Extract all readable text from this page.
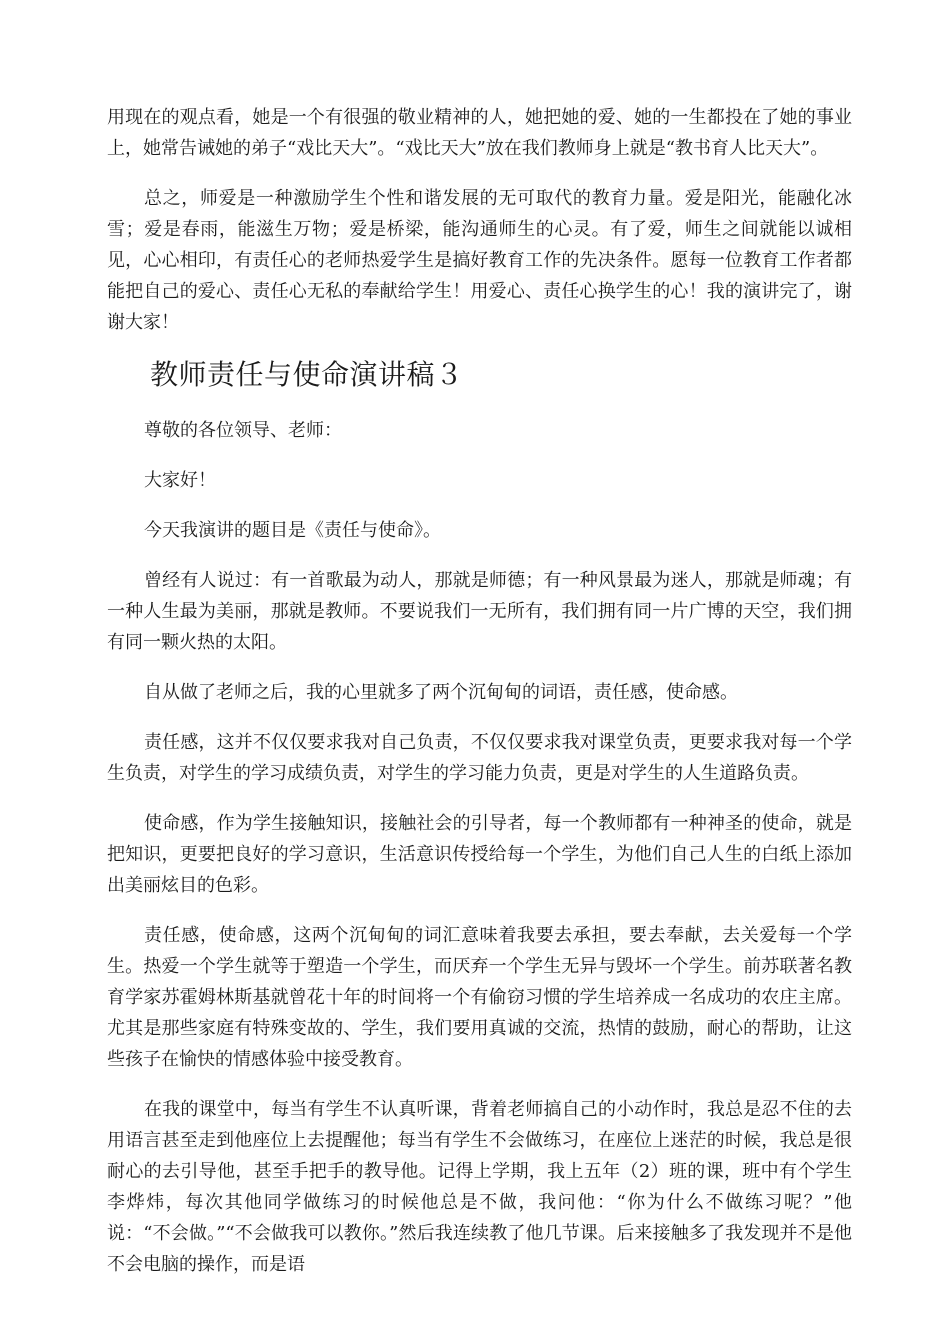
用现在的观点看，她是一个有很强的敬业精神的人，她把她的爱、她的一生都投在了她的事业上，她常告诫她的弟子“戏比天大”。“戏比天大”放在我们教师身上就是“教书育人比天大”。

总之，师爱是一种激励学生个性和谐发展的无可取代的教育力量。爱是阳光，能融化冰雪；爱是春雨，能滋生万物；爱是桥梁，能沟通师生的心灵。有了爱，师生之间就能以诚相见，心心相印，有责任心的老师热爱学生是搞好教育工作的先决条件。愿每一位教育工作者都能把自己的爱心、责任心无私的奉献给学生！用爱心、责任心换学生的心！我的演讲完了，谢谢大家！

教师责任与使命演讲稿３

尊敬的各位领导、老师：

大家好！

今天我演讲的题目是《责任与使命》。

曾经有人说过：有一首歌最为动人，那就是师德；有一种风景最为迷人，那就是师魂；有一种人生最为美丽，那就是教师。不要说我们一无所有，我们拥有同一片广博的天空，我们拥有同一颗火热的太阳。

自从做了老师之后，我的心里就多了两个沉甸甸的词语，责任感，使命感。

责任感，这并不仅仅要求我对自己负责，不仅仅要求我对课堂负责，更要求我对每一个学生负责，对学生的学习成绩负责，对学生的学习能力负责，更是对学生的人生道路负责。

使命感，作为学生接触知识，接触社会的引导者，每一个教师都有一种神圣的使命，就是把知识，更要把良好的学习意识，生活意识传授给每一个学生，为他们自己人生的白纸上添加出美丽炫目的色彩。

责任感，使命感，这两个沉甸甸的词汇意味着我要去承担，要去奉献，去关爱每一个学生。热爱一个学生就等于塑造一个学生，而厌弃一个学生无异与毁坏一个学生。前苏联著名教育学家苏霍姆林斯基就曾花十年的时间将一个有偷窃习惯的学生培养成一名成功的农庄主席。尤其是那些家庭有特殊变故的、学生，我们要用真诚的交流，热情的鼓励，耐心的帮助，让这些孩子在愉快的情感体验中接受教育。

在我的课堂中，每当有学生不认真听课，背着老师搞自己的小动作时，我总是忍不住的去用语言甚至走到他座位上去提醒他；每当有学生不会做练习，在座位上迷茫的时候，我总是很耐心的去引导他，甚至手把手的教导他。记得上学期，我上五年（2）班的课，班中有个学生李烨炜，每次其他同学做练习的时候他总是不做，我问他：“你为什么不做练习呢？”他说：“不会做。”“不会做我可以教你。”然后我连续教了他几节课。后来接触多了我发现并不是他不会电脑的操作，而是语
